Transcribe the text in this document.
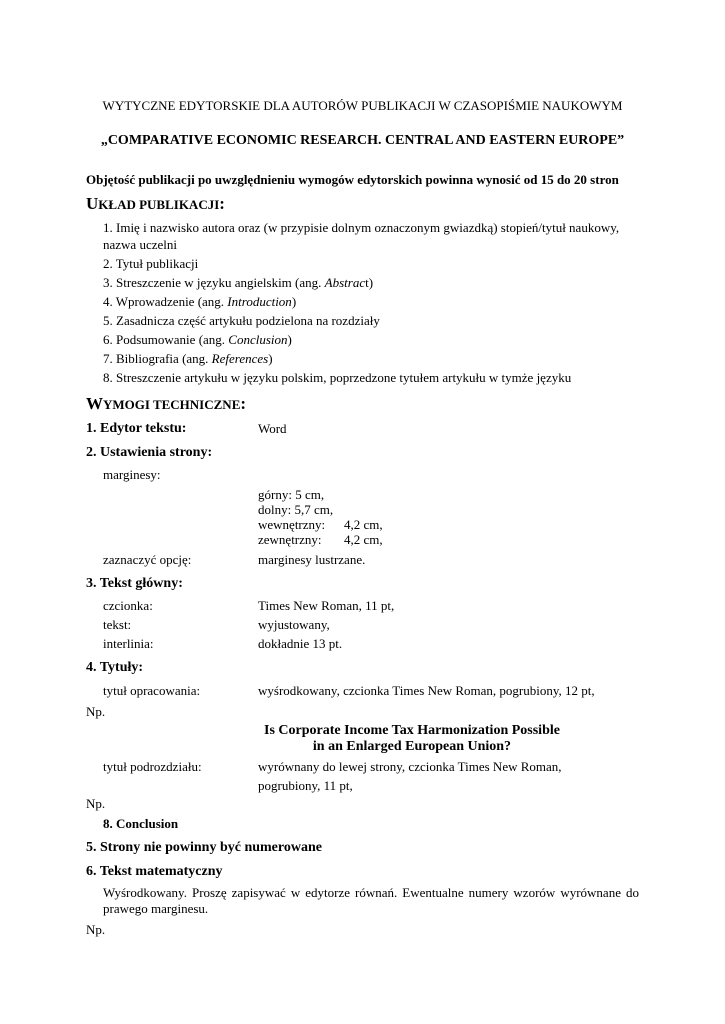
WYTYCZNE EDYTORSKIE DLA AUTORÓW PUBLIKACJI W CZASOPIŚMIE NAUKOWYM
„COMPARATIVE ECONOMIC RESEARCH. CENTRAL AND EASTERN EUROPE”
Objętość publikacji po uwzględnieniu wymogów edytorskich powinna wynosić od 15 do 20 stron
UKŁAD PUBLIKACJI:
1. Imię i nazwisko autora oraz (w przypisie dolnym oznaczonym gwiazdką) stopień/tytuł naukowy,
nazwa uczelni
2. Tytuł publikacji
3. Streszczenie w języku angielskim (ang. Abstract)
4. Wprowadzenie (ang. Introduction)
5. Zasadnicza część artykułu podzielona na rozdziały
6. Podsumowanie (ang. Conclusion)
7. Bibliografia (ang. References)
8. Streszczenie artykułu w języku polskim, poprzedzone tytułem artykułu w tymże języku
WYMOGI TECHNICZNE:
1. Edytor tekstu:	Word
2. Ustawienia strony:
marginesy:
górny: 5 cm,
dolny: 5,7 cm,
wewnętrzny: 4,2 cm,
zewnętrzny: 4,2 cm,
zaznaczyć opcję:	marginesy lustrzane.
3. Tekst główny:
czcionka:	Times New Roman, 11 pt,
tekst:	wyjustowany,
interlinia:	dokładnie 13 pt.
4. Tytuły:
tytuł opracowania:	wyśrodkowany, czcionka Times New Roman, pogrubiony, 12 pt,
Np.
Is Corporate Income Tax Harmonization Possible
in an Enlarged European Union?
tytuł podrozdziału:	wyrównany do lewej strony, czcionka Times New Roman,
pogrubiony, 11 pt,
Np.
8. Conclusion
5. Strony nie powinny być numerowane
6. Tekst matematyczny
Wyśrodkowany. Proszę zapisywać w edytorze równań. Ewentualne numery wzorów wyrównane do prawego marginesu.
Np.
